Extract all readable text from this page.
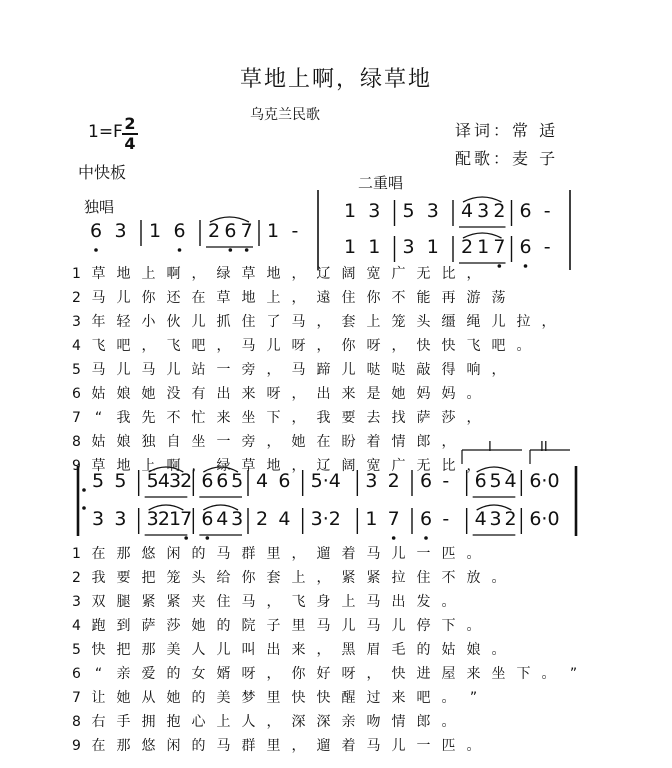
草地上啊，绿草地
乌克兰民歌
译词：常 适
配歌：麦 子
1=F 2
4
中快板
独唱
二重唱
6 3 1 6 2 6 7 1 -
1 3 5 3 4 3 2 6 -
1 1 3 1 2 1 7 6 -
5 5 5 4 3 2 6 6 5 4 6 5·4 3 2 6 - 6 5 4 6·0
3 3 3 2 1 7 6 4 3 2 4 3·2 1 7 6 - 4 3 2 6·0
I	II
1 草 地 上 啊 ， 绿 草 地 ， 辽 阔 宽 广 无 比 ，
2 马 儿 你 还 在 草 地 上 ， 遠 住 你 不 能 再 游 荡
3 年 轻 小 伙 儿 抓 住 了 马 ， 套 上 笼 头 缰 绳 儿 拉 ，
4 飞 吧 ， 飞 吧 ， 马 儿 呀 ， 你 呀 ， 快 快 飞 吧 。
5 马 儿 马 儿 站 一 旁 ， 马 蹄 儿 哒 哒 敲 得 响 ，
6 姑 娘 她 没 有 出 来 呀 ， 出 来 是 她 妈 妈 。
7 “	我 先 不 忙 来 坐 下 ， 我 要 去 找 萨 莎 ，
8 姑 娘 独 自 坐 一 旁 ， 她 在 盼 着 情 郎 ，
9 草 地 上 啊 ， 绿 草 地 ， 辽 阔 宽 广 无 比 ，
1 在 那 悠 闲 的 马 群 里 ， 遛 着 马 儿 一 匹 。
2 我 要 把 笼 头 给 你 套 上 ， 紧 紧 拉 住 不 放 。
3 双 腿 紧 紧 夹 住 马 ， 飞 身 上 马 出 发 。
4 跑 到 萨 莎 她 的 院 子 里 马 儿 马 儿 停 下 。
5 快 把 那 美 人 儿 叫 出 来 ， 黑 眉 毛 的 姑 娘 。
6 “	亲 爱 的 女 婿 呀 ， 你 好 呀 ， 快 进 屋 来 坐 下 。	”
7 让 她 从 她 的 美 梦 里 快 快 醒 过 来 吧 。	”
8 右 手 拥 抱 心 上 人 ， 深 深 亲 吻 情 郎 。
9 在 那 悠 闲 的 马 群 里 ， 遛 着 马 儿 一 匹 。
